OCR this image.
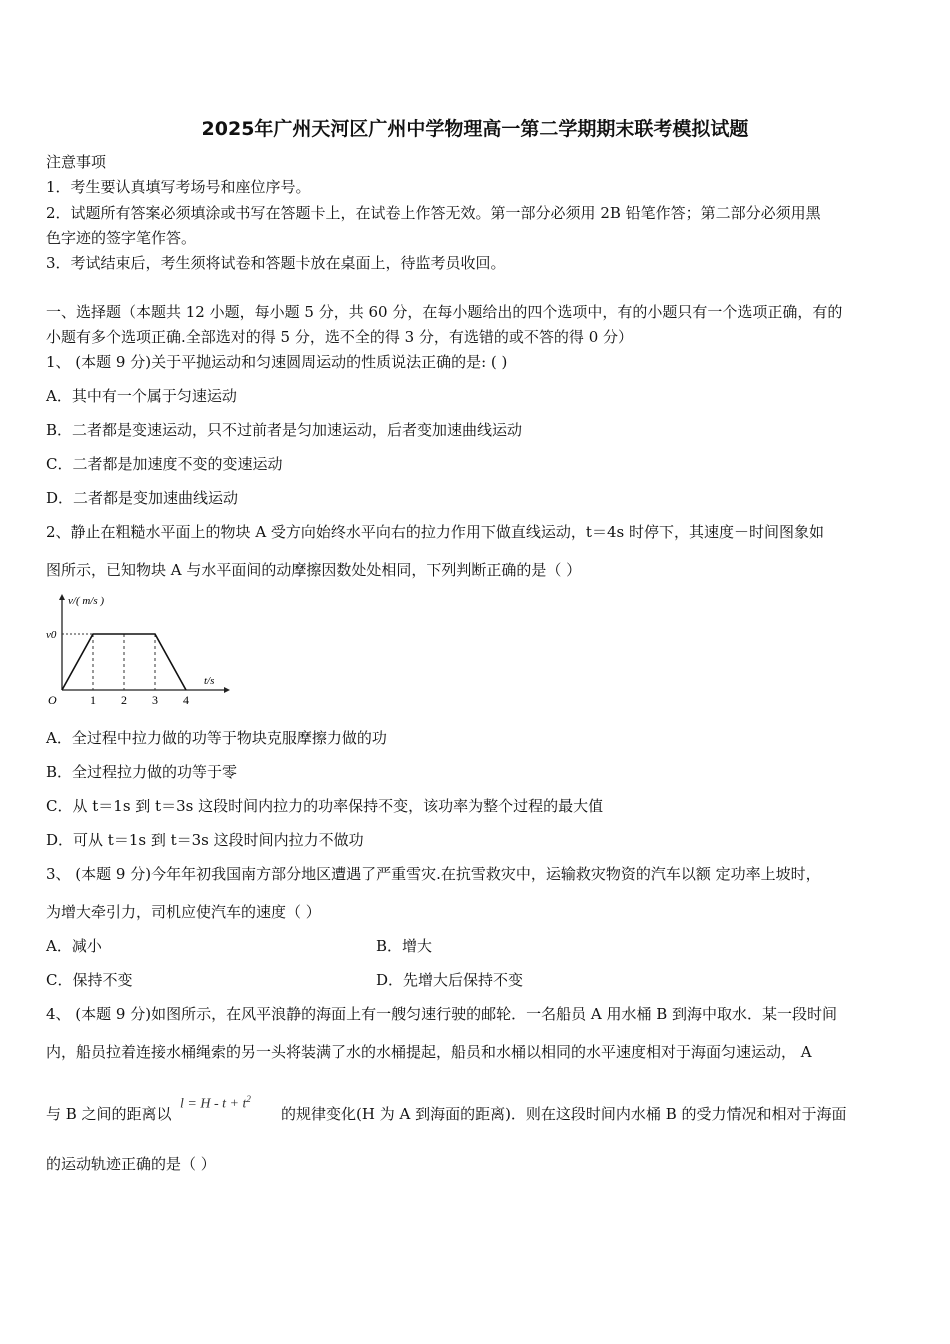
2025年广州天河区广州中学物理高一第二学期期末联考模拟试题
注意事项
1．考生要认真填写考场号和座位序号。
2．试题所有答案必须填涂或书写在答题卡上，在试卷上作答无效。第一部分必须用 2B 铅笔作答；第二部分必须用黑
色字迹的签字笔作答。
3．考试结束后，考生须将试卷和答题卡放在桌面上，待监考员收回。
一、选择题（本题共 12 小题，每小题 5 分，共 60 分，在每小题给出的四个选项中，有的小题只有一个选项正确，有的
小题有多个选项正确.全部选对的得 5 分，选不全的得 3 分，有选错的或不答的得 0 分）
1、 (本题 9 分)关于平抛运动和匀速圆周运动的性质说法正确的是: ( )
A．其中有一个属于匀速运动
B．二者都是变速运动，只不过前者是匀加速运动，后者变加速曲线运动
C．二者都是加速度不变的变速运动
D．二者都是变加速曲线运动
2、静止在粗糙水平面上的物块 A 受方向始终水平向右的拉力作用下做直线运动，t＝4s 时停下，其速度－时间图象如
图所示，已知物块 A 与水平面间的动摩擦因数处处相同，下列判断正确的是（ ）
v/( m/s )
t/s
O
v0
1 2 3 4
A．全过程中拉力做的功等于物块克服摩擦力做的功
B．全过程拉力做的功等于零
C．从 t＝1s 到 t＝3s 这段时间内拉力的功率保持不变，该功率为整个过程的最大值
D．可从 t＝1s 到 t＝3s 这段时间内拉力不做功
3、 (本题 9 分)今年年初我国南方部分地区遭遇了严重雪灾.在抗雪救灾中，运输救灾物资的汽车以额 定功率上坡时，
为增大牵引力，司机应使汽车的速度（ ）
A．减小	B．增大
C．保持不变	D．先增大后保持不变
4、 (本题 9 分)如图所示，在风平浪静的海面上有一艘匀速行驶的邮轮．一名船员 A 用水桶 B 到海中取水．某一段时间
内，船员拉着连接水桶绳索的另一头将装满了水的水桶提起，船员和水桶以相同的水平速度相对于海面匀速运动， A
与 B 之间的距离以
$l = H - t + t^2$
的规律变化(H 为 A 到海面的距离)．则在这段时间内水桶 B 的受力情况和相对于海面
的运动轨迹正确的是（ ）
